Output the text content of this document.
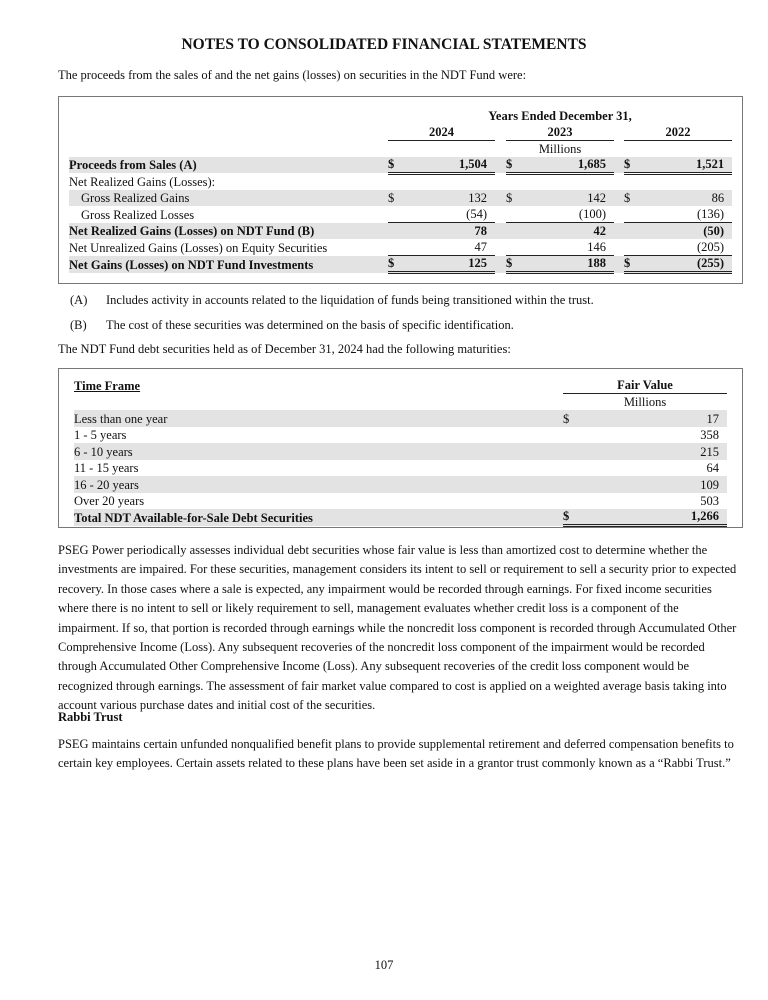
NOTES TO CONSOLIDATED FINANCIAL STATEMENTS
The proceeds from the sales of and the net gains (losses) on securities in the NDT Fund were:
	Years Ended December 31,				
	2024		2023		2022
			Millions		
Proceeds from Sales (A)	$ 1,504		$ 1,685		$ 1,521

Net Realized Gains (Losses):					
Gross Realized Gains	$ 132		$ 142		$ 86

Gross Realized Losses	(54)		(100)		(136)

Net Realized Gains (Losses) on NDT Fund (B)	78		42		(50)

Net Unrealized Gains (Losses) on Equity Securities	47		146		(205)

Net Gains (Losses) on NDT Fund Investments	$ 125		$ 188		$ (255)
(A) Includes activity in accounts related to the liquidation of funds being transitioned within the trust.
(B) The cost of these securities was determined on the basis of specific identification.
The NDT Fund debt securities held as of December 31, 2024 had the following maturities:
Time Frame	Fair Value
	Millions
Less than one year	$ 17

1 - 5 years	358

6 - 10 years	215

11 - 15 years	64

16 - 20 years	109

Over 20 years	503

Total NDT Available-for-Sale Debt Securities	$ 1,266
PSEG Power periodically assesses individual debt securities whose fair value is less than amortized cost to determine whether the investments are impaired. For these securities, management considers its intent to sell or requirement to sell a security prior to expected recovery. In those cases where a sale is expected, any impairment would be recorded through earnings. For fixed income securities where there is no intent to sell or likely requirement to sell, management evaluates whether credit loss is a component of the impairment. If so, that portion is recorded through earnings while the noncredit loss component is recorded through Accumulated Other Comprehensive Income (Loss). Any subsequent recoveries of the noncredit loss component of the impairment would be recorded through Accumulated Other Comprehensive Income (Loss). Any subsequent recoveries of the credit loss component would be recognized through earnings. The assessment of fair market value compared to cost is applied on a weighted average basis taking into account various purchase dates and initial cost of the securities.
Rabbi Trust
PSEG maintains certain unfunded nonqualified benefit plans to provide supplemental retirement and deferred compensation benefits to certain key employees. Certain assets related to these plans have been set aside in a grantor trust commonly known as a “Rabbi Trust.”
107
